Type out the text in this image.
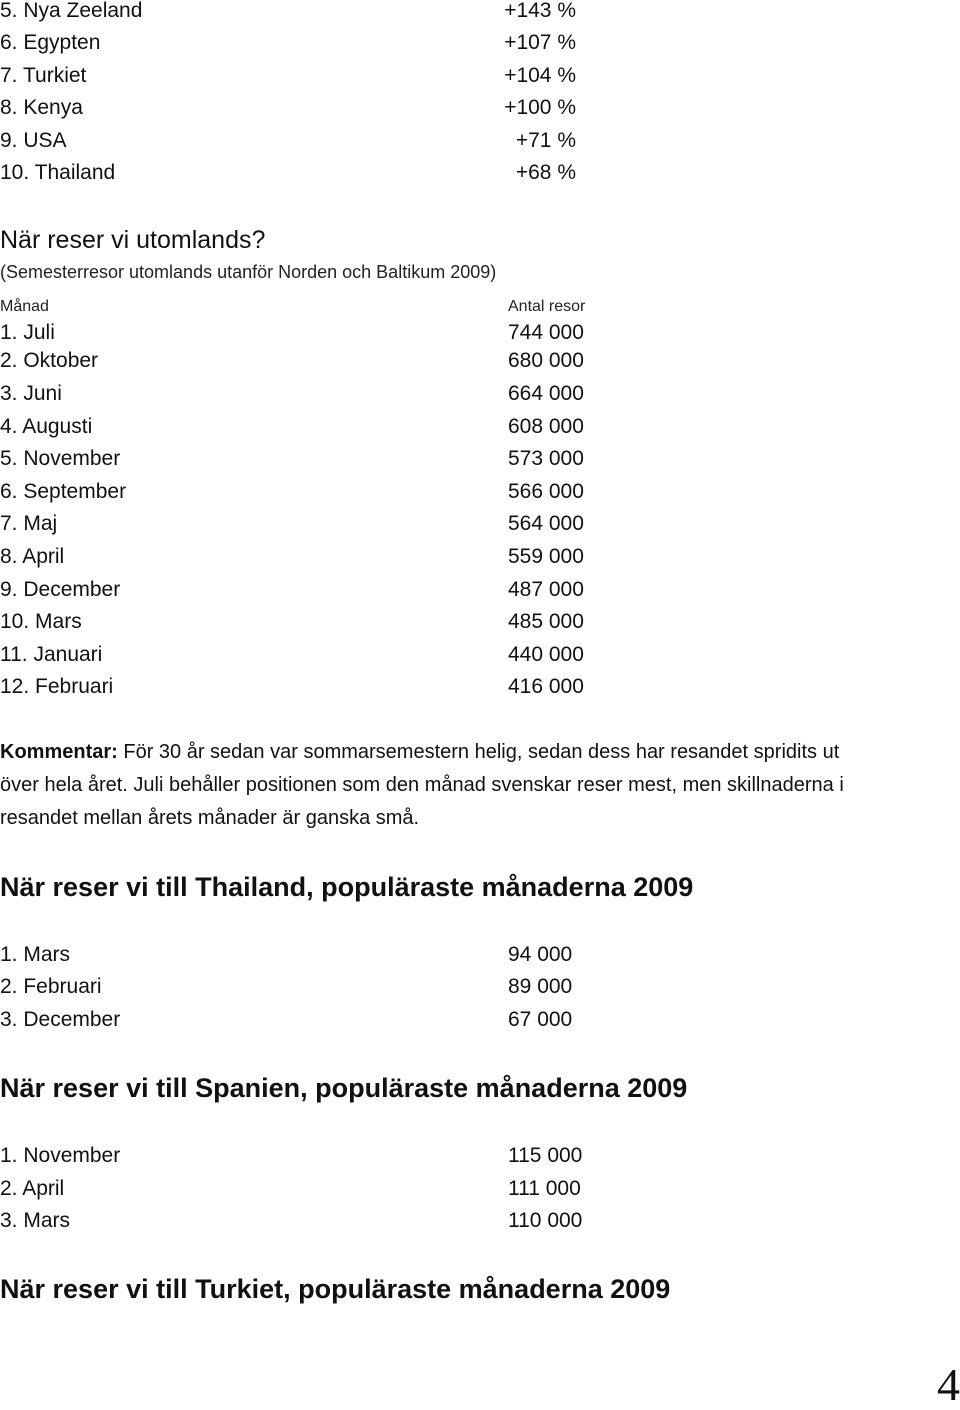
5. Nya Zeeland	+143 %
6. Egypten	+107 %
7. Turkiet	+104 %
8. Kenya	+100 %
9. USA	+71 %
10. Thailand	+68 %
När reser vi utomlands?
(Semesterresor utomlands utanför Norden och Baltikum 2009)
Månad	Antal resor
1. Juli	744 000
2. Oktober	680 000
3. Juni	664 000
4. Augusti	608 000
5. November	573 000
6. September	566 000
7. Maj	564 000
8. April	559 000
9. December	487 000
10. Mars	485 000
11. Januari	440 000
12. Februari	416 000
Kommentar: För 30 år sedan var sommarsemestern helig, sedan dess har resandet spridits ut över hela året. Juli behåller positionen som den månad svenskar reser mest, men skillnaderna i resandet mellan årets månader är ganska små.
När reser vi till Thailand, populäraste månaderna 2009
1. Mars	94 000
2. Februari	89 000
3. December	67 000
När reser vi till Spanien, populäraste månaderna 2009
1. November	115 000
2. April	111 000
3. Mars	110 000
När reser vi till Turkiet, populäraste månaderna 2009
4
